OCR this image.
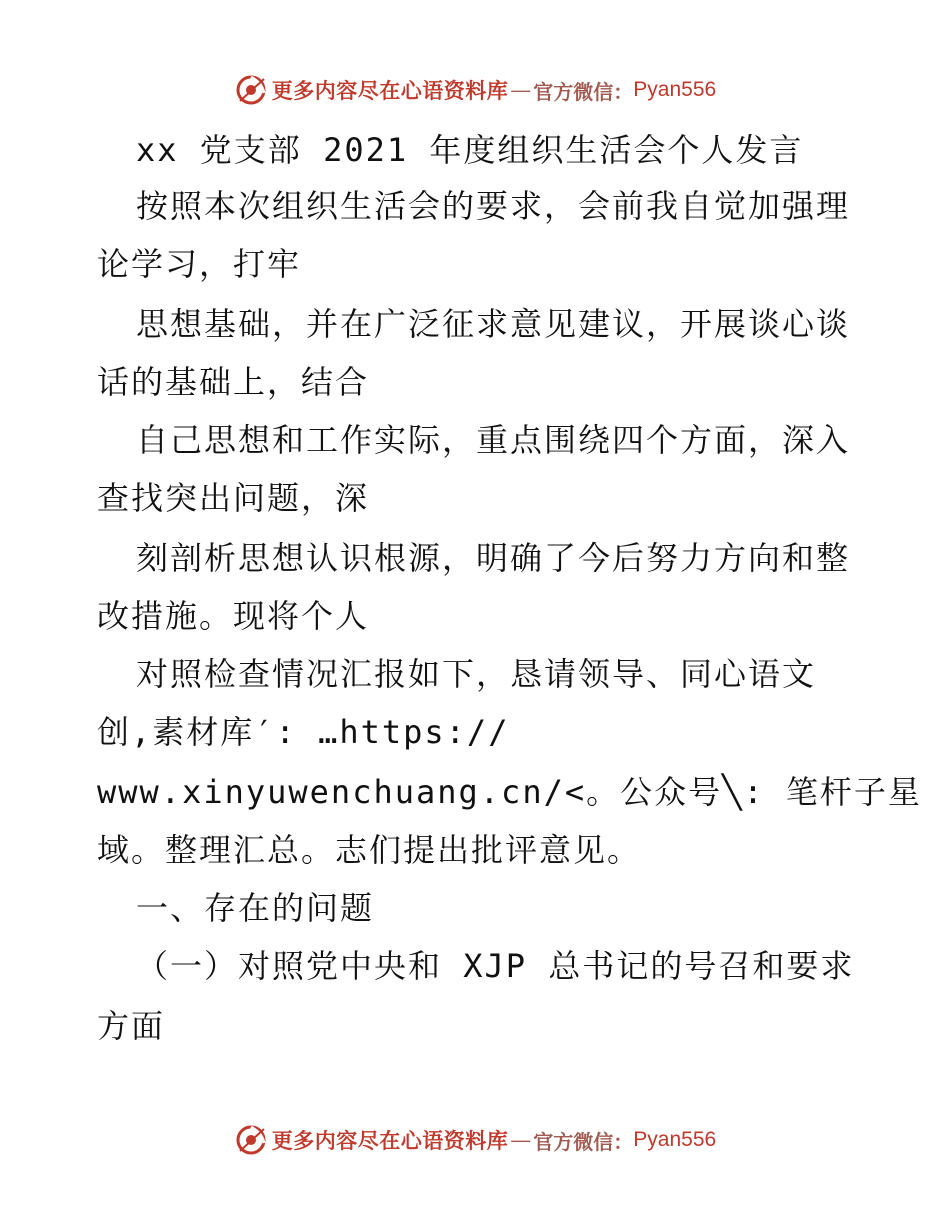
更多内容尽在心语资料库 — 官方微信： Pyan556
xx 党支部 2021 年度组织生活会个人发言
按照本次组织生活会的要求，会前我自觉加强理
论学习，打牢
思想基础，并在广泛征求意见建议，开展谈心谈
话的基础上，结合
自己思想和工作实际，重点围绕四个方面，深入
查找突出问题，深
刻剖析思想认识根源，明确了今后努力方向和整
改措施。现将个人
对照检查情况汇报如下，恳请领导、同心语文
创,素材库′: …https://
www.xinyuwenchuang.cn/<。公众号╲: 笔杆子星
域。整理汇总。志们提出批评意见。
一、存在的问题
（一）对照党中央和 XJP 总书记的号召和要求
方面
更多内容尽在心语资料库 — 官方微信： Pyan556
